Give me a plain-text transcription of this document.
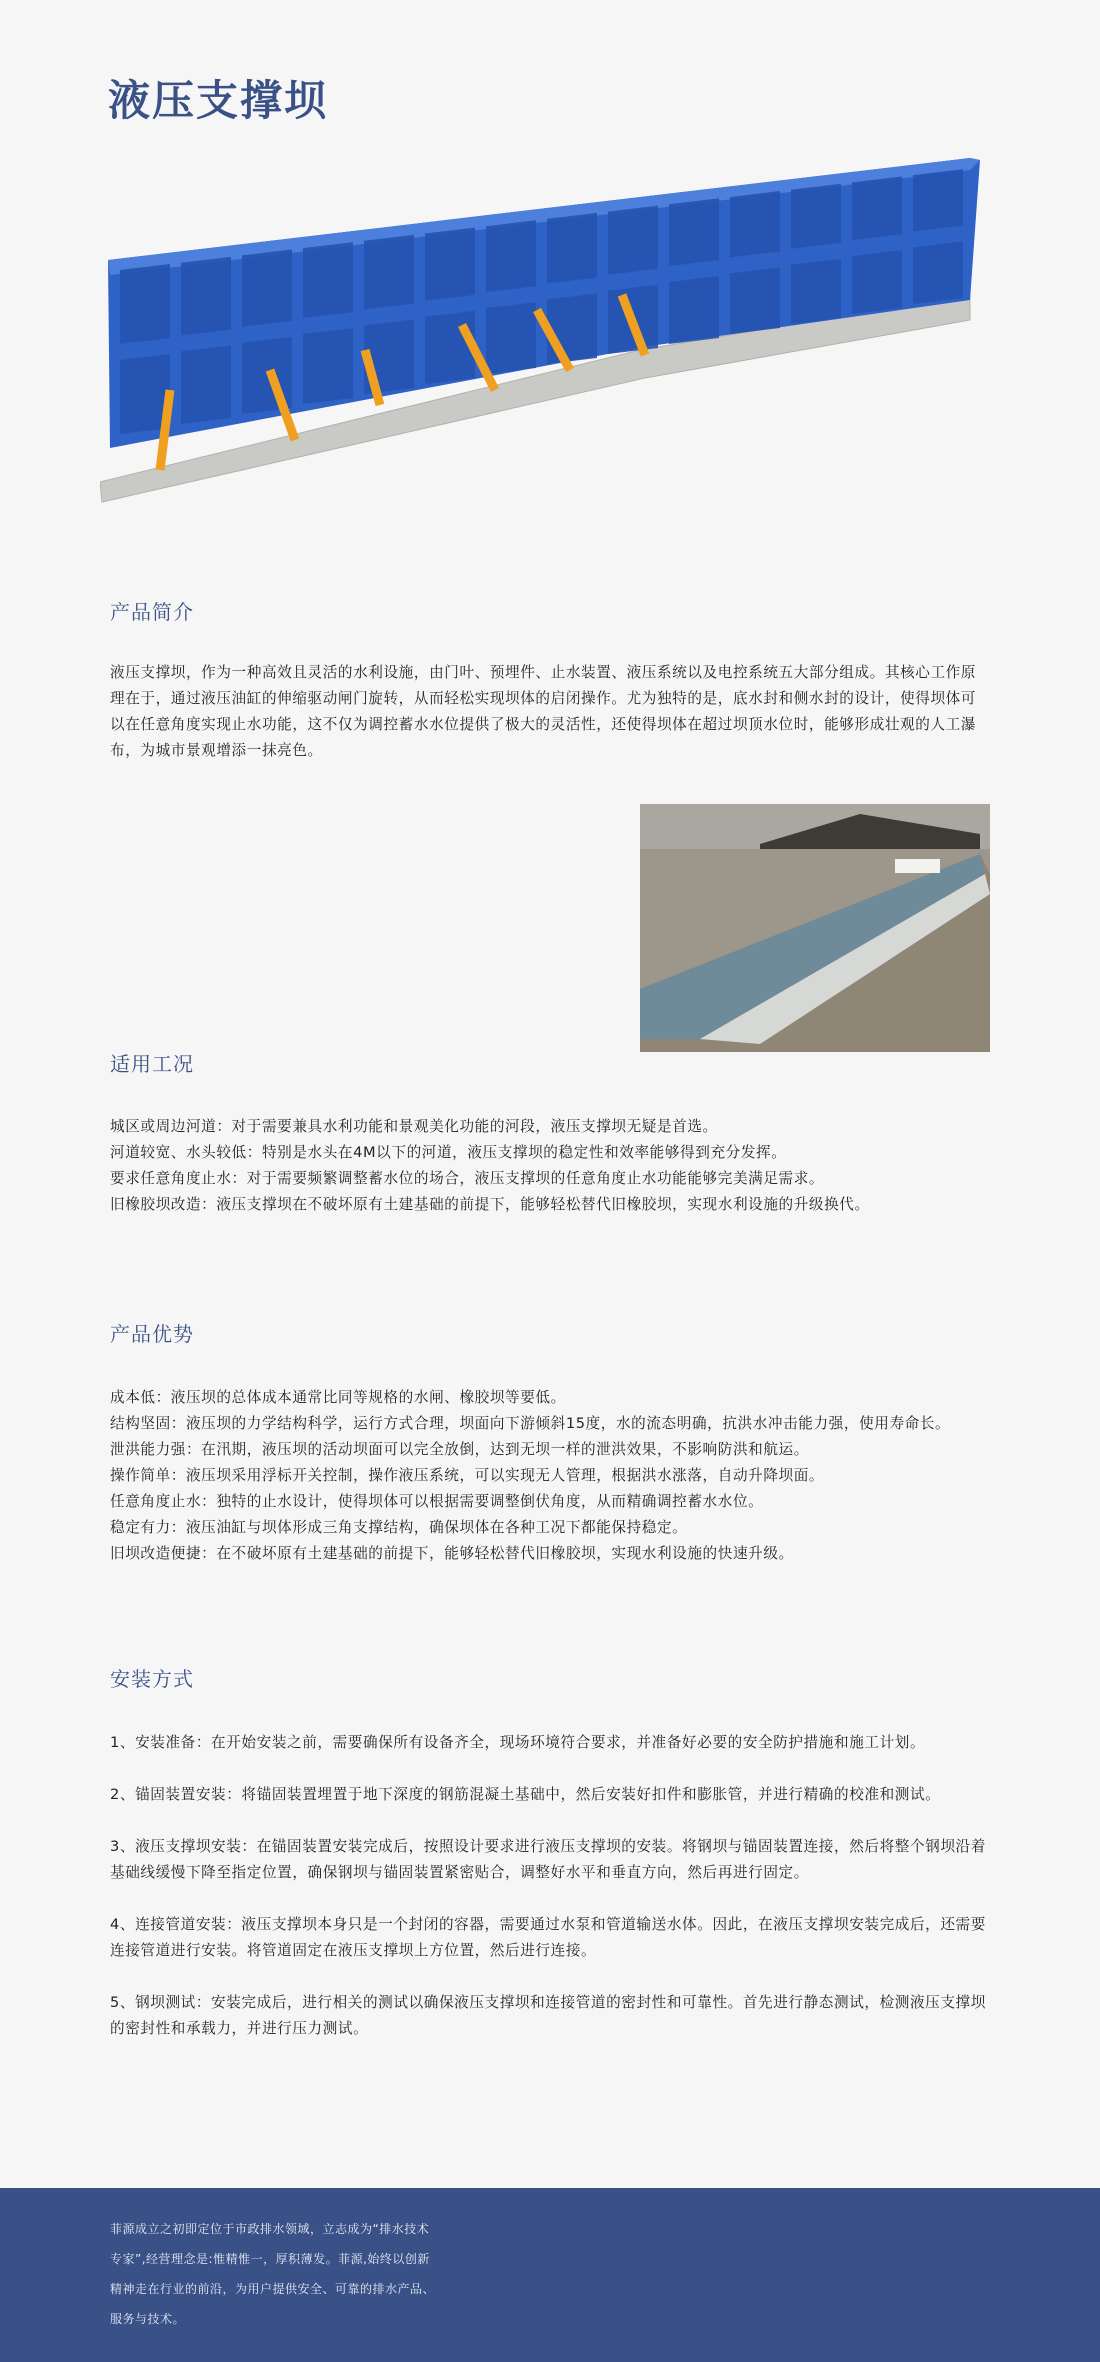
液压支撑坝
产品简介

液压支撑坝，作为一种高效且灵活的水利设施，由门叶、预埋件、止水装置、液压系统以及电控系统五大部分组成。其核心工作原理在于，通过液压油缸的伸缩驱动闸门旋转，从而轻松实现坝体的启闭操作。尤为独特的是，底水封和侧水封的设计，使得坝体可以在任意角度实现止水功能，这不仅为调控蓄水水位提供了极大的灵活性，还使得坝体在超过坝顶水位时，能够形成壮观的人工瀑布，为城市景观增添一抹亮色。

适用工况

城区或周边河道：对于需要兼具水利功能和景观美化功能的河段，液压支撑坝无疑是首选。

河道较宽、水头较低：特别是水头在4M以下的河道，液压支撑坝的稳定性和效率能够得到充分发挥。

要求任意角度止水：对于需要频繁调整蓄水位的场合，液压支撑坝的任意角度止水功能能够完美满足需求。

旧橡胶坝改造：液压支撑坝在不破坏原有土建基础的前提下，能够轻松替代旧橡胶坝，实现水利设施的升级换代。

产品优势

成本低：液压坝的总体成本通常比同等规格的水闸、橡胶坝等要低。

结构坚固：液压坝的力学结构科学，运行方式合理，坝面向下游倾斜15度，水的流态明确，抗洪水冲击能力强，使用寿命长。

泄洪能力强：在汛期，液压坝的活动坝面可以完全放倒，达到无坝一样的泄洪效果，不影响防洪和航运。

操作简单：液压坝采用浮标开关控制，操作液压系统，可以实现无人管理，根据洪水涨落，自动升降坝面。

任意角度止水：独特的止水设计，使得坝体可以根据需要调整倒伏角度，从而精确调控蓄水水位。

稳定有力：液压油缸与坝体形成三角支撑结构，确保坝体在各种工况下都能保持稳定。

旧坝改造便捷：在不破坏原有土建基础的前提下，能够轻松替代旧橡胶坝，实现水利设施的快速升级。

安装方式

1、安装准备：在开始安装之前，需要确保所有设备齐全，现场环境符合要求，并准备好必要的安全防护措施和施工计划。

2、锚固装置安装：将锚固装置埋置于地下深度的钢筋混凝土基础中，然后安装好扣件和膨胀管，并进行精确的校准和测试。

3、液压支撑坝安装：在锚固装置安装完成后，按照设计要求进行液压支撑坝的安装。将钢坝与锚固装置连接，然后将整个钢坝沿着基础线缓慢下降至指定位置，确保钢坝与锚固装置紧密贴合，调整好水平和垂直方向，然后再进行固定。

4、连接管道安装：液压支撑坝本身只是一个封闭的容器，需要通过水泵和管道输送水体。因此，在液压支撑坝安装完成后，还需要连接管道进行安装。将管道固定在液压支撑坝上方位置，然后进行连接。

5、钢坝测试：安装完成后，进行相关的测试以确保液压支撑坝和连接管道的密封性和可靠性。首先进行静态测试，检测液压支撑坝的密封性和承载力，并进行压力测试。

菲源成立之初即定位于市政排水领域，立志成为“排水技术专家”,经营理念是:惟精惟一，厚积薄发。菲源,始终以创新精神走在行业的前沿，为用户提供安全、可靠的排水产品、服务与技术。
